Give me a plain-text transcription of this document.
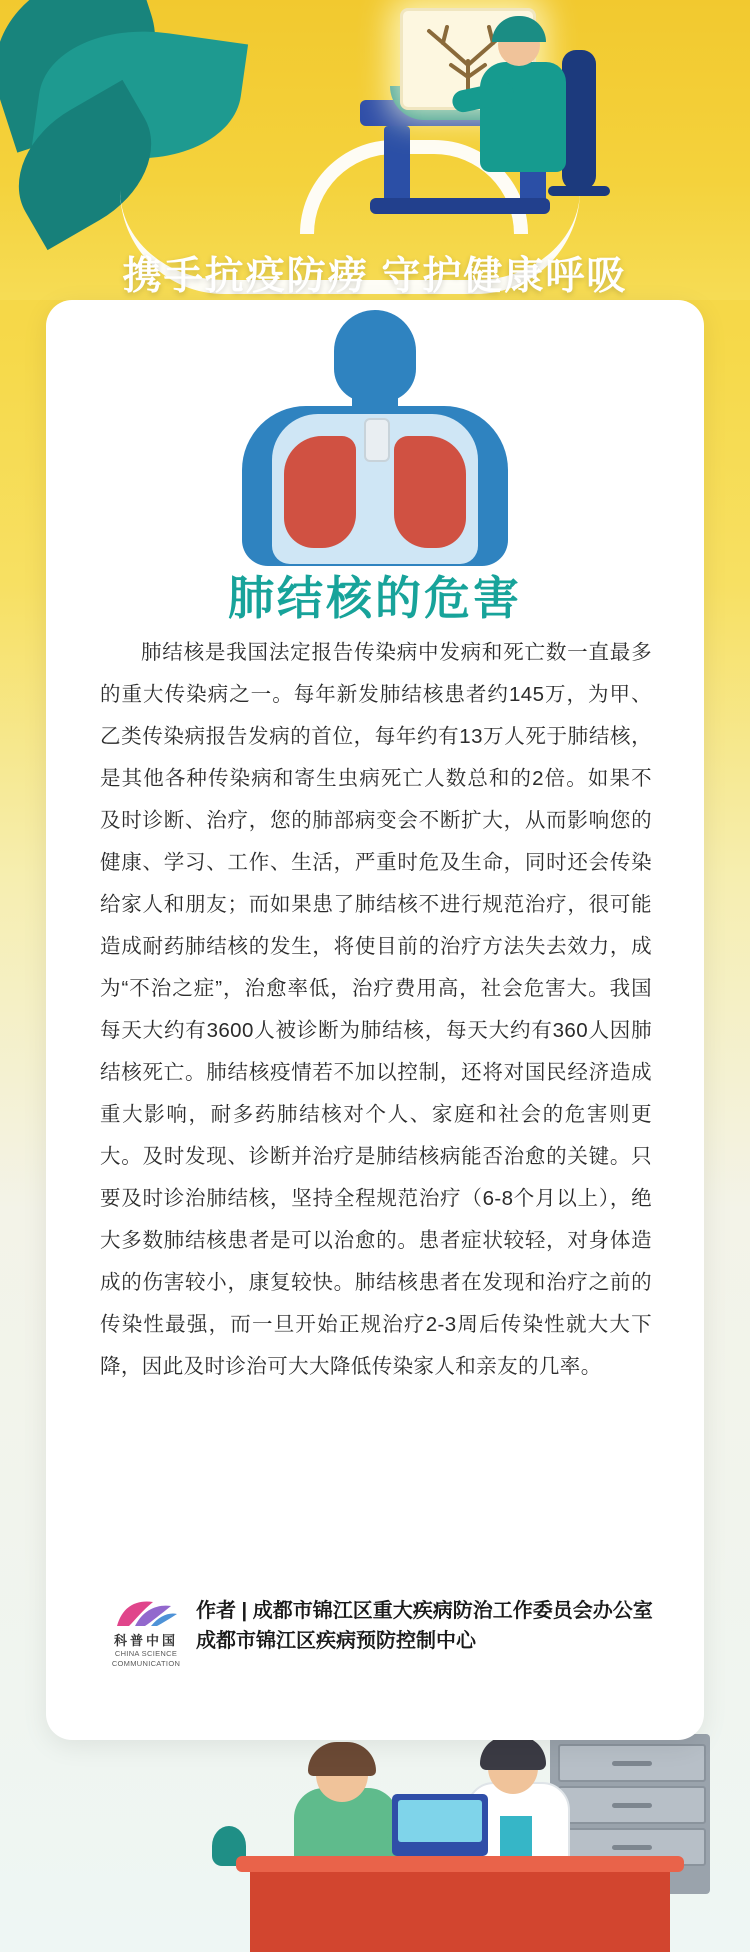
携手抗疫防痨 守护健康呼吸
肺结核的危害
肺结核是我国法定报告传染病中发病和死亡数一直最多的重大传染病之一。每年新发肺结核患者约145万，为甲、乙类传染病报告发病的首位，每年约有13万人死于肺结核，是其他各种传染病和寄生虫病死亡人数总和的2倍。如果不及时诊断、治疗，您的肺部病变会不断扩大，从而影响您的健康、学习、工作、生活，严重时危及生命，同时还会传染给家人和朋友；而如果患了肺结核不进行规范治疗，很可能造成耐药肺结核的发生，将使目前的治疗方法失去效力，成为“不治之症”，治愈率低，治疗费用高，社会危害大。我国每天大约有3600人被诊断为肺结核，每天大约有360人因肺结核死亡。肺结核疫情若不加以控制，还将对国民经济造成重大影响，耐多药肺结核对个人、家庭和社会的危害则更大。及时发现、诊断并治疗是肺结核病能否治愈的关键。只要及时诊治肺结核，坚持全程规范治疗（6-8个月以上），绝大多数肺结核患者是可以治愈的。患者症状较轻，对身体造成的伤害较小，康复较快。肺结核患者在发现和治疗之前的传染性最强，而一旦开始正规治疗2-3周后传染性就大大下降，因此及时诊治可大大降低传染家人和亲友的几率。
科普中国
CHINA SCIENCE COMMUNICATION
作者 | 成都市锦江区重大疾病防治工作委员会办公室
成都市锦江区疾病预防控制中心
